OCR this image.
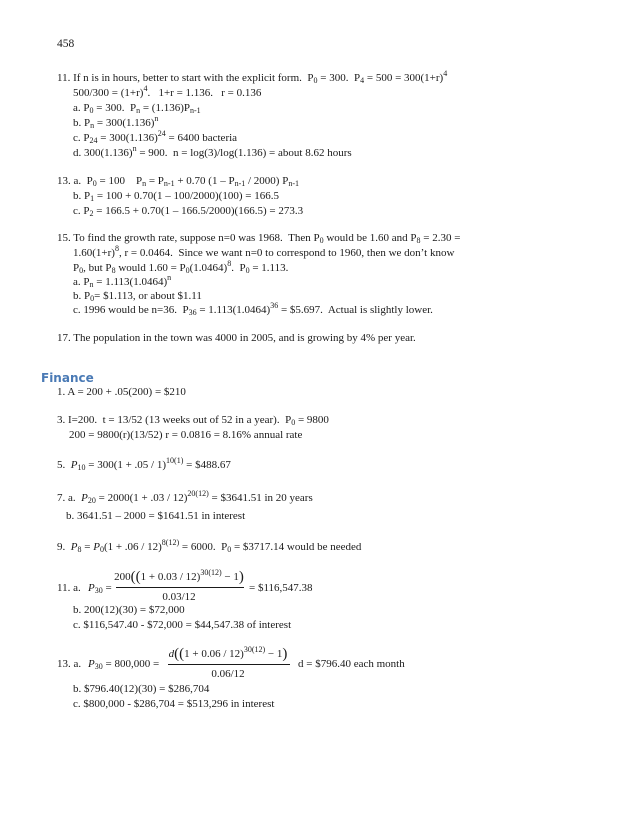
458
11. If n is in hours, better to start with the explicit form.  $P_0 = 300$.  $P_4 = 500 = 300(1+r)^4$
$500/300 = (1+r)^4$.   1+r = 1.136.   r = 0.136
a. $P_0 = 300$.  $P_n = (1.136)P_{n-1}$
b. $P_n = 300(1.136)^n$
c. $P_{24} = 300(1.136)^{24} = 6400$ bacteria
d. $300(1.136)^n = 900$.  n = log(3)/log(1.136) = about 8.62 hours
13. a.  $P_0 = 100$    $P_n = P_{n-1} + 0.70$ $(1 - P_{n-1} / 2000)$ $P_{n-1}$
b. $P_1 = 100 + 0.70(1 - 100/2000)(100) = 166.5$
c. $P_2 = 166.5 + 0.70(1 - 166.5/2000)(166.5) = 273.3$
15. To find the growth rate, suppose n=0 was 1968.  Then $P_0$ would be 1.60 and $P_8 = 2.30$ =
$1.60(1+r)^8$, r = 0.0464.  Since we want n=0 to correspond to 1960, then we don’t know
$P_0$, but $P_8$ would $1.60 = P_0(1.0464)^8$.  $P_0 = 1.113$.
a. $P_n = 1.113(1.0464)^n$
b. $P_0=$ $1.113, or about $1.11
c. 1996 would be n=36.  $P_{36} = 1.113(1.0464)^{36}$ = $5.697.  Actual is slightly lower.
17. The population in the town was 4000 in 2005, and is growing by 4% per year.
Finance
1. A = 200 + .05(200) = $210
3. I=200.  t = 13/52 (13 weeks out of 52 in a year).  $P_0 = 9800$
200 = 9800(r)(13/52) r = 0.0816 = 8.16% annual rate
5. $P_{10} = 300(1 + .05 / 1)^{10(1)}$ = $488.67
7. a. $P_{20} = 2000(1 + .03 / 12)^{20(12)}$ = $3641.51 in 20 years
b. 3641.51 – 2000 = $1641.51 in interest
9. $P_8 = P_0(1 + .06 / 12)^{8(12)} = 6000$.  $P_0$ = $3717.14 would be needed
11. a. $P_{30}$ =
$200((1 + 0.03 / 12)^{30(12)} - 1)$
0.03/12
= $116,547.38
b. 200(12)(30) = $72,000
c. $116,547.40 - $72,000 = $44,547.38 of interest
13. a. $P_{30} = 800,000$ =
$d((1 + 0.06 / 12)^{30(12)} - 1)$
0.06/12
d = $796.40 each month
b. $796.40(12)(30) = $286,704
c. $800,000 - $286,704 = $513,296 in interest
